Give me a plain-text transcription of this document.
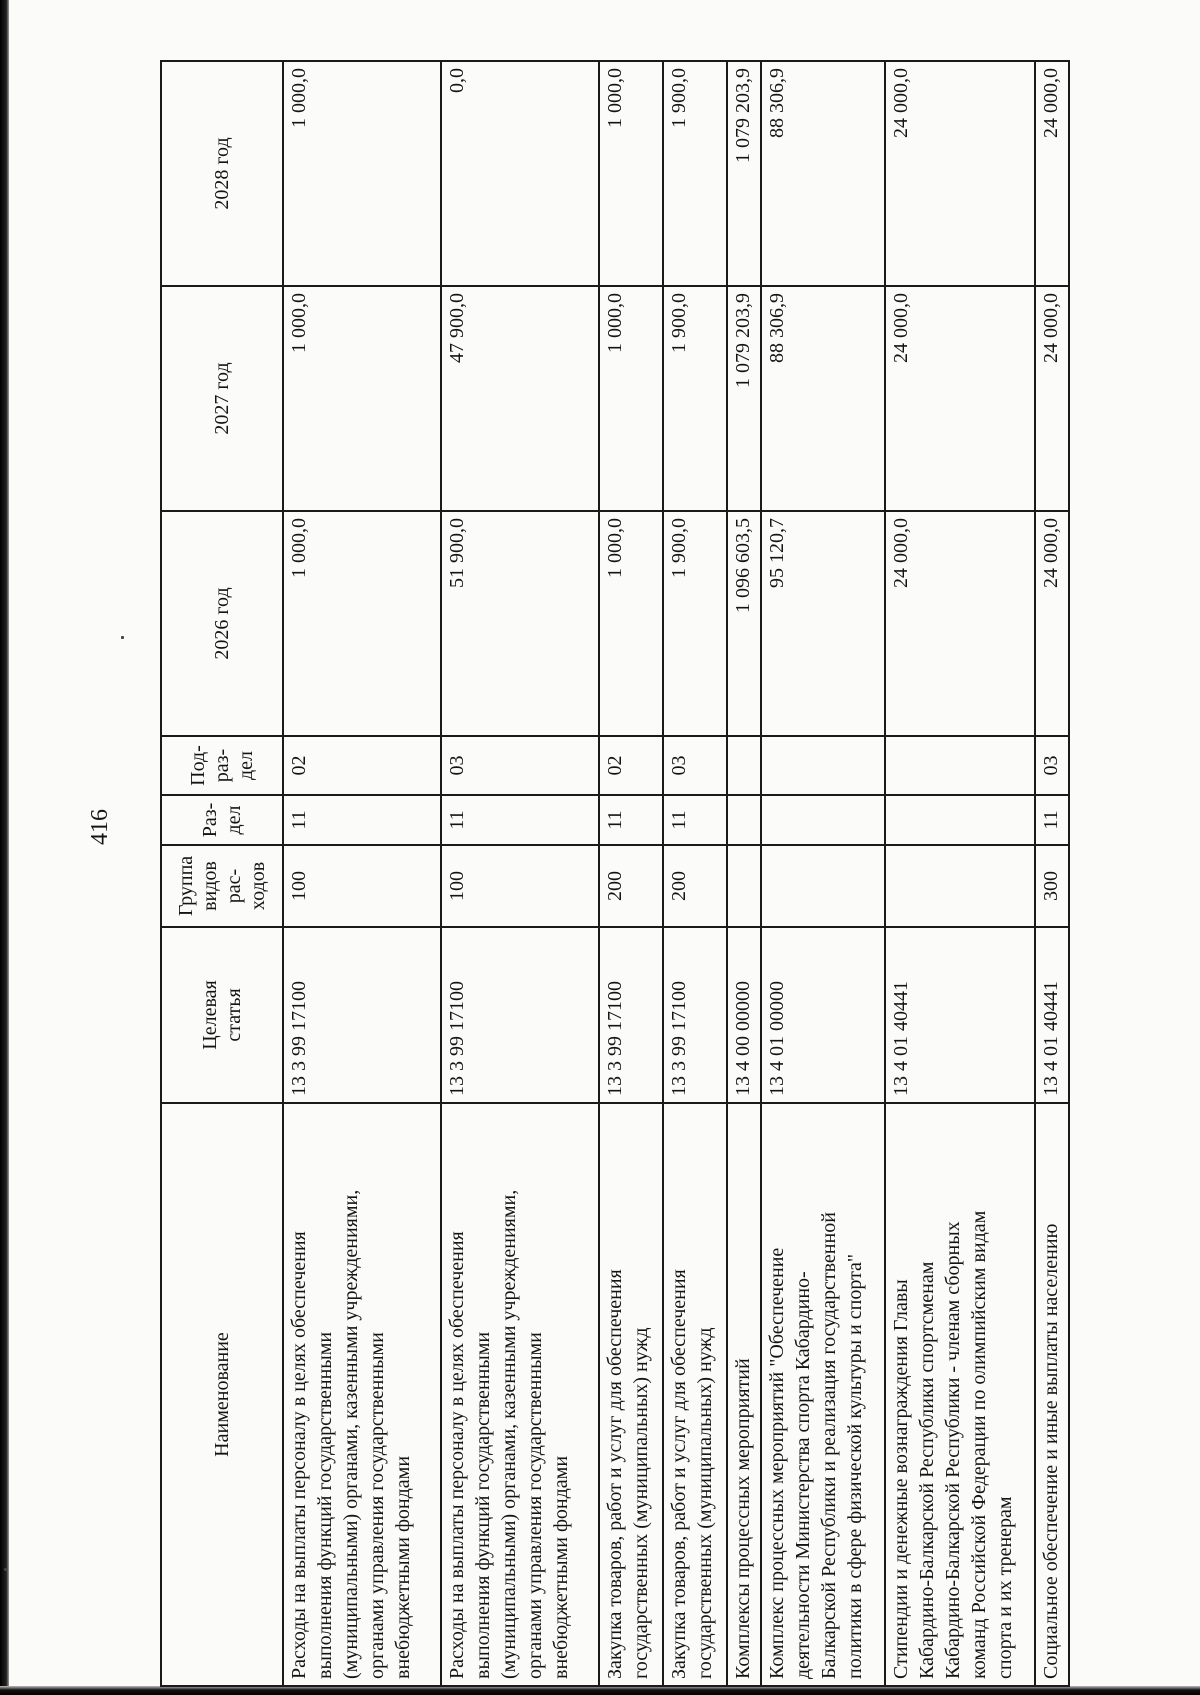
416
Наименование	Целевая статья	Группа видов рас- ходов	Раз- дел	Под- раз- дел	2026 год	2027 год	2028 год

Расходы на выплаты персоналу в целях обеспечения выполнения функций государственными (муниципальными) органами, казенными учреждениями, органами управления государственными внебюджетными фондами	13 3 99 17100	100	11	02	1 000,0	1 000,0	1 000,0

Расходы на выплаты персоналу в целях обеспечения выполнения функций государственными (муниципальными) органами, казенными учреждениями, органами управления государственными внебюджетными фондами	13 3 99 17100	100	11	03	51 900,0	47 900,0	0,0

Закупка товаров, работ и услуг для обеспечения государственных (муниципальных) нужд	13 3 99 17100	200	11	02	1 000,0	1 000,0	1 000,0

Закупка товаров, работ и услуг для обеспечения государственных (муниципальных) нужд	13 3 99 17100	200	11	03	1 900,0	1 900,0	1 900,0

Комплексы процессных мероприятий	13 4 00 00000				1 096 603,5	1 079 203,9	1 079 203,9

Комплекс процессных мероприятий "Обеспечение деятельности Министерства спорта Кабардино- Балкарской Республики и реализация государственной политики в сфере физической культуры и спорта"	13 4 01 00000				95 120,7	88 306,9	88 306,9

Стипендии и денежные вознаграждения Главы Кабардино-Балкарской Республики спортсменам Кабардино-Балкарской Республики - членам сборных команд Российской Федерации по олимпийским видам спорта и их тренерам	13 4 01 40441				24 000,0	24 000,0	24 000,0

Социальное обеспечение и иные выплаты населению	13 4 01 40441	300	11	03	24 000,0	24 000,0	24 000,0
